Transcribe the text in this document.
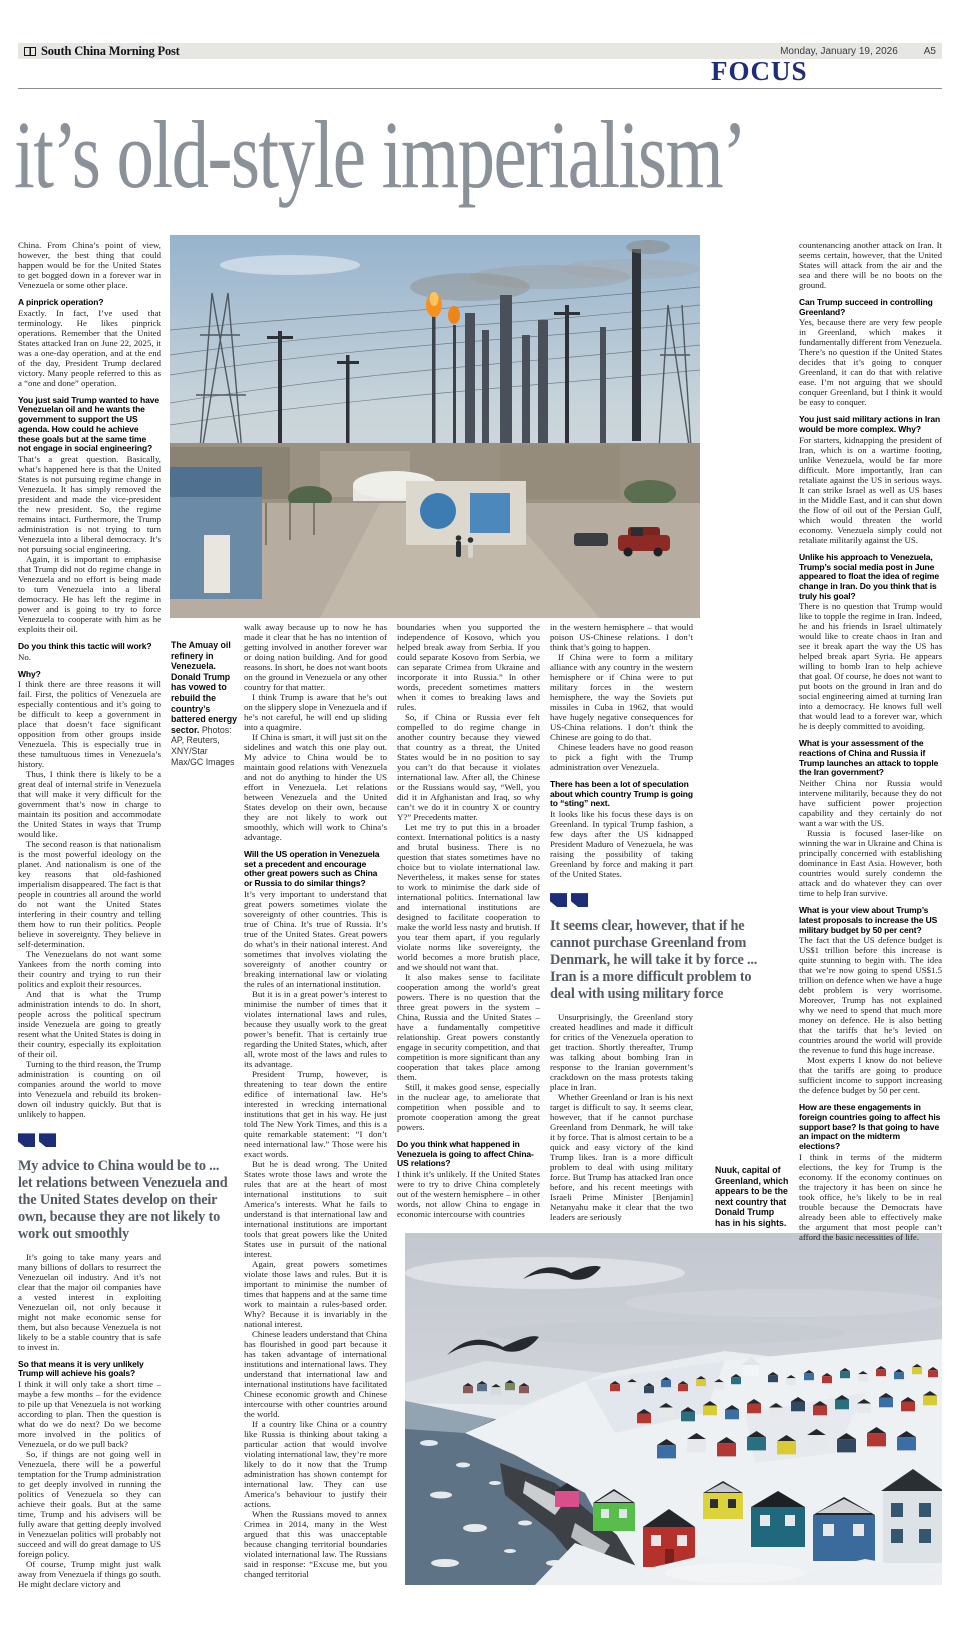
South China Morning Post	Monday, January 19, 2026	A5
FOCUS
it’s old-style imperialism’
The Amuay oil refinery in Venezuela. Donald Trump has vowed to rebuild the country’s battered energy sector. Photos: AP, Reuters, XNY/Star Max/GC Images
Nuuk, capital of Greenland, which appears to be the next country that Donald Trump has in his sights.

China. From China’s point of view, however, the best thing that could happen would be for the United States to get bogged down in a forever war in Venezuela or some other place.

A pinprick operation?

Exactly. In fact, I’ve used that terminology. He likes pinprick operations. Remember that the United States attacked Iran on June 22, 2025, it was a one-day operation, and at the end of the day, President Trump declared victory. Many people referred to this as a “one and done” operation.

You just said Trump wanted to have Venezuelan oil and he wants the government to support the US agenda. How could he achieve these goals but at the same time not engage in social engineering?

That’s a great question. Basically, what’s happened here is that the United States is not pursuing regime change in Venezuela. It has simply removed the president and made the vice-president the new president. So, the regime remains intact. Furthermore, the Trump administration is not trying to turn Venezuela into a liberal democracy. It’s not pursuing social engineering.

Again, it is important to emphasise that Trump did not do regime change in Venezuela and no effort is being made to turn Venezuela into a liberal democracy. He has left the regime in power and is going to try to force Venezuela to cooperate with him as he exploits their oil.

Do you think this tactic will work?

No.

Why?

I think there are three reasons it will fail. First, the politics of Venezuela are especially contentious and it’s going to be difficult to keep a government in place that doesn’t face significant opposition from other groups inside Venezuela. This is especially true in these tumultuous times in Venezuela’s history.

Thus, I think there is likely to be a great deal of internal strife in Venezuela that will make it very difficult for the government that’s now in charge to maintain its position and accommodate the United States in ways that Trump would like.

The second reason is that nationalism is the most powerful ideology on the planet. And nationalism is one of the key reasons that old-fashioned imperialism disappeared. The fact is that people in countries all around the world do not want the United States interfering in their country and telling them how to run their politics. People believe in sovereignty. They believe in self-determination.

The Venezuelans do not want some Yankees from the north coming into their country and trying to run their politics and exploit their resources.

And that is what the Trump administration intends to do. In short, people across the political spectrum inside Venezuela are going to greatly resent what the United States is doing in their country, especially its exploitation of their oil.

Turning to the third reason, the Trump administration is counting on oil companies around the world to move into Venezuela and rebuild its broken-down oil industry quickly. But that is unlikely to happen.

My advice to China would be to ... let relations between Venezuela and the United States develop on their own, because they are not likely to work out smoothly

It’s going to take many years and many billions of dollars to resurrect the Venezuelan oil industry. And it’s not clear that the major oil companies have a vested interest in exploiting Venezuelan oil, not only because it might not make economic sense for them, but also because Venezuela is not likely to be a stable country that is safe to invest in.

So that means it is very unlikely Trump will achieve his goals?

I think it will only take a short time – maybe a few months – for the evidence to pile up that Venezuela is not working according to plan. Then the question is what do we do next? Do we become more involved in the politics of Venezuela, or do we pull back?

So, if things are not going well in Venezuela, there will be a powerful temptation for the Trump administration to get deeply involved in running the politics of Venezuela so they can achieve their goals. But at the same time, Trump and his advisers will be fully aware that getting deeply involved in Venezuelan politics will probably not succeed and will do great damage to US foreign policy.

Of course, Trump might just walk away from Venezuela if things go south. He might declare victory and

walk away because up to now he has made it clear that he has no intention of getting involved in another forever war or doing nation building. And for good reasons. In short, he does not want boots on the ground in Venezuela or any other country for that matter.

I think Trump is aware that he’s out on the slippery slope in Venezuela and if he’s not careful, he will end up sliding into a quagmire.

If China is smart, it will just sit on the sidelines and watch this one play out. My advice to China would be to maintain good relations with Venezuela and not do anything to hinder the US effort in Venezuela. Let relations between Venezuela and the United States develop on their own, because they are not likely to work out smoothly, which will work to China’s advantage.

Will the US operation in Venezuela set a precedent and encourage other great powers such as China or Russia to do similar things?

It’s very important to understand that great powers sometimes violate the sovereignty of other countries. This is true of China. It’s true of Russia. It’s true of the United States. Great powers do what’s in their national interest. And sometimes that involves violating the sovereignty of another country or breaking international law or violating the rules of an international institution.

But it is in a great power’s interest to minimise the number of times that it violates international laws and rules, because they usually work to the great power’s benefit. That is certainly true regarding the United States, which, after all, wrote most of the laws and rules to its advantage.

President Trump, however, is threatening to tear down the entire edifice of international law. He’s interested in wrecking international institutions that get in his way. He just told The New York Times, and this is a quite remarkable statement: “I don’t need international law.” Those were his exact words.

But he is dead wrong. The United States wrote those laws and wrote the rules that are at the heart of most international institutions to suit America’s interests. What he fails to understand is that international law and international institutions are important tools that great powers like the United States use in pursuit of the national interest.

Again, great powers sometimes violate those laws and rules. But it is important to minimise the number of times that happens and at the same time work to maintain a rules-based order. Why? Because it is invariably in the national interest.

Chinese leaders understand that China has flourished in good part because it has taken advantage of international institutions and international laws. They understand that international law and international institutions have facilitated Chinese economic growth and Chinese intercourse with other countries around the world.

If a country like China or a country like Russia is thinking about taking a particular action that would involve violating international law, they’re more likely to do it now that the Trump administration has shown contempt for international law. They can use America’s behaviour to justify their actions.

When the Russians moved to annex Crimea in 2014, many in the West argued that this was unacceptable because changing territorial boundaries violated international law. The Russians said in response: “Excuse me, but you changed territorial

boundaries when you supported the independence of Kosovo, which you helped break away from Serbia. If you could separate Kosovo from Serbia, we can separate Crimea from Ukraine and incorporate it into Russia.” In other words, precedent sometimes matters when it comes to breaking laws and rules.

So, if China or Russia ever felt compelled to do regime change in another country because they viewed that country as a threat, the United States would be in no position to say you can’t do that because it violates international law. After all, the Chinese or the Russians would say, “Well, you did it in Afghanistan and Iraq, so why can’t we do it in country X or country Y?” Precedents matter.

Let me try to put this in a broader context. International politics is a nasty and brutal business. There is no question that states sometimes have no choice but to violate international law. Nevertheless, it makes sense for states to work to minimise the dark side of international politics. International law and international institutions are designed to facilitate cooperation to make the world less nasty and brutish. If you tear them apart, if you regularly violate norms like sovereignty, the world becomes a more brutish place, and we should not want that.

It also makes sense to facilitate cooperation among the world’s great powers. There is no question that the three great powers in the system – China, Russia and the United States – have a fundamentally competitive relationship. Great powers constantly engage in security competition, and that competition is more significant than any cooperation that takes place among them.

Still, it makes good sense, especially in the nuclear age, to ameliorate that competition when possible and to promote cooperation among the great powers.

Do you think what happened in Venezuela is going to affect China-US relations?

I think it’s unlikely. If the United States were to try to drive China completely out of the western hemisphere – in other words, not allow China to engage in economic intercourse with countries

in the western hemisphere – that would poison US-Chinese relations. I don’t think that’s going to happen.

If China were to form a military alliance with any country in the western hemisphere or if China were to put military forces in the western hemisphere, the way the Soviets put missiles in Cuba in 1962, that would have hugely negative consequences for US-China relations. I don’t think the Chinese are going to do that.

Chinese leaders have no good reason to pick a fight with the Trump administration over Venezuela.

There has been a lot of speculation about which country Trump is going to “sting” next.

It looks like his focus these days is on Greenland. In typical Trump fashion, a few days after the US kidnapped President Maduro of Venezuela, he was raising the possibility of taking Greenland by force and making it part of the United States.

It seems clear, however, that if he cannot purchase Greenland from Denmark, he will take it by force ... Iran is a more difficult problem to deal with using military force

Unsurprisingly, the Greenland story created headlines and made it difficult for critics of the Venezuela operation to get traction. Shortly thereafter, Trump was talking about bombing Iran in response to the Iranian government’s crackdown on the mass protests taking place in Iran.

Whether Greenland or Iran is his next target is difficult to say. It seems clear, however, that if he cannot purchase Greenland from Denmark, he will take it by force. That is almost certain to be a quick and easy victory of the kind Trump likes. Iran is a more difficult problem to deal with using military force. But Trump has attacked Iran once before, and his recent meetings with Israeli Prime Minister [Benjamin] Netanyahu make it clear that the two leaders are seriously

countenancing another attack on Iran. It seems certain, however, that the United States will attack from the air and the sea and there will be no boots on the ground.

Can Trump succeed in controlling Greenland?

Yes, because there are very few people in Greenland, which makes it fundamentally different from Venezuela. There’s no question if the United States decides that it’s going to conquer Greenland, it can do that with relative ease. I’m not arguing that we should conquer Greenland, but I think it would be easy to conquer.

You just said military actions in Iran would be more complex. Why?

For starters, kidnapping the president of Iran, which is on a wartime footing, unlike Venezuela, would be far more difficult. More importantly, Iran can retaliate against the US in serious ways. It can strike Israel as well as US bases in the Middle East, and it can shut down the flow of oil out of the Persian Gulf, which would threaten the world economy. Venezuela simply could not retaliate militarily against the US.

Unlike his approach to Venezuela, Trump’s social media post in June appeared to float the idea of regime change in Iran. Do you think that is truly his goal?

There is no question that Trump would like to topple the regime in Iran. Indeed, he and his friends in Israel ultimately would like to create chaos in Iran and see it break apart the way the US has helped break apart Syria. He appears willing to bomb Iran to help achieve that goal. Of course, he does not want to put boots on the ground in Iran and do social engineering aimed at turning Iran into a democracy. He knows full well that would lead to a forever war, which he is deeply committed to avoiding.

What is your assessment of the reactions of China and Russia if Trump launches an attack to topple the Iran government?

Neither China nor Russia would intervene militarily, because they do not have sufficient power projection capability and they certainly do not want a war with the US.

Russia is focused laser-like on winning the war in Ukraine and China is principally concerned with establishing dominance in East Asia. However, both countries would surely condemn the attack and do whatever they can over time to help Iran survive.

What is your view about Trump’s latest proposals to increase the US military budget by 50 per cent?

The fact that the US defence budget is US$1 trillion before this increase is quite stunning to begin with. The idea that we’re now going to spend US$1.5 trillion on defence when we have a huge debt problem is very worrisome. Moreover, Trump has not explained why we need to spend that much more money on defence. He is also betting that the tariffs that he’s levied on countries around the world will provide the revenue to fund this huge increase.

Most experts I know do not believe that the tariffs are going to produce sufficient income to support increasing the defence budget by 50 per cent.

How are these engagements in foreign countries going to affect his support base? Is that going to have an impact on the midterm elections?

I think in terms of the midterm elections, the key for Trump is the economy. If the economy continues on the trajectory it has been on since he took office, he’s likely to be in real trouble because the Democrats have already been able to effectively make the argument that most people can’t afford the basic necessities of life.
